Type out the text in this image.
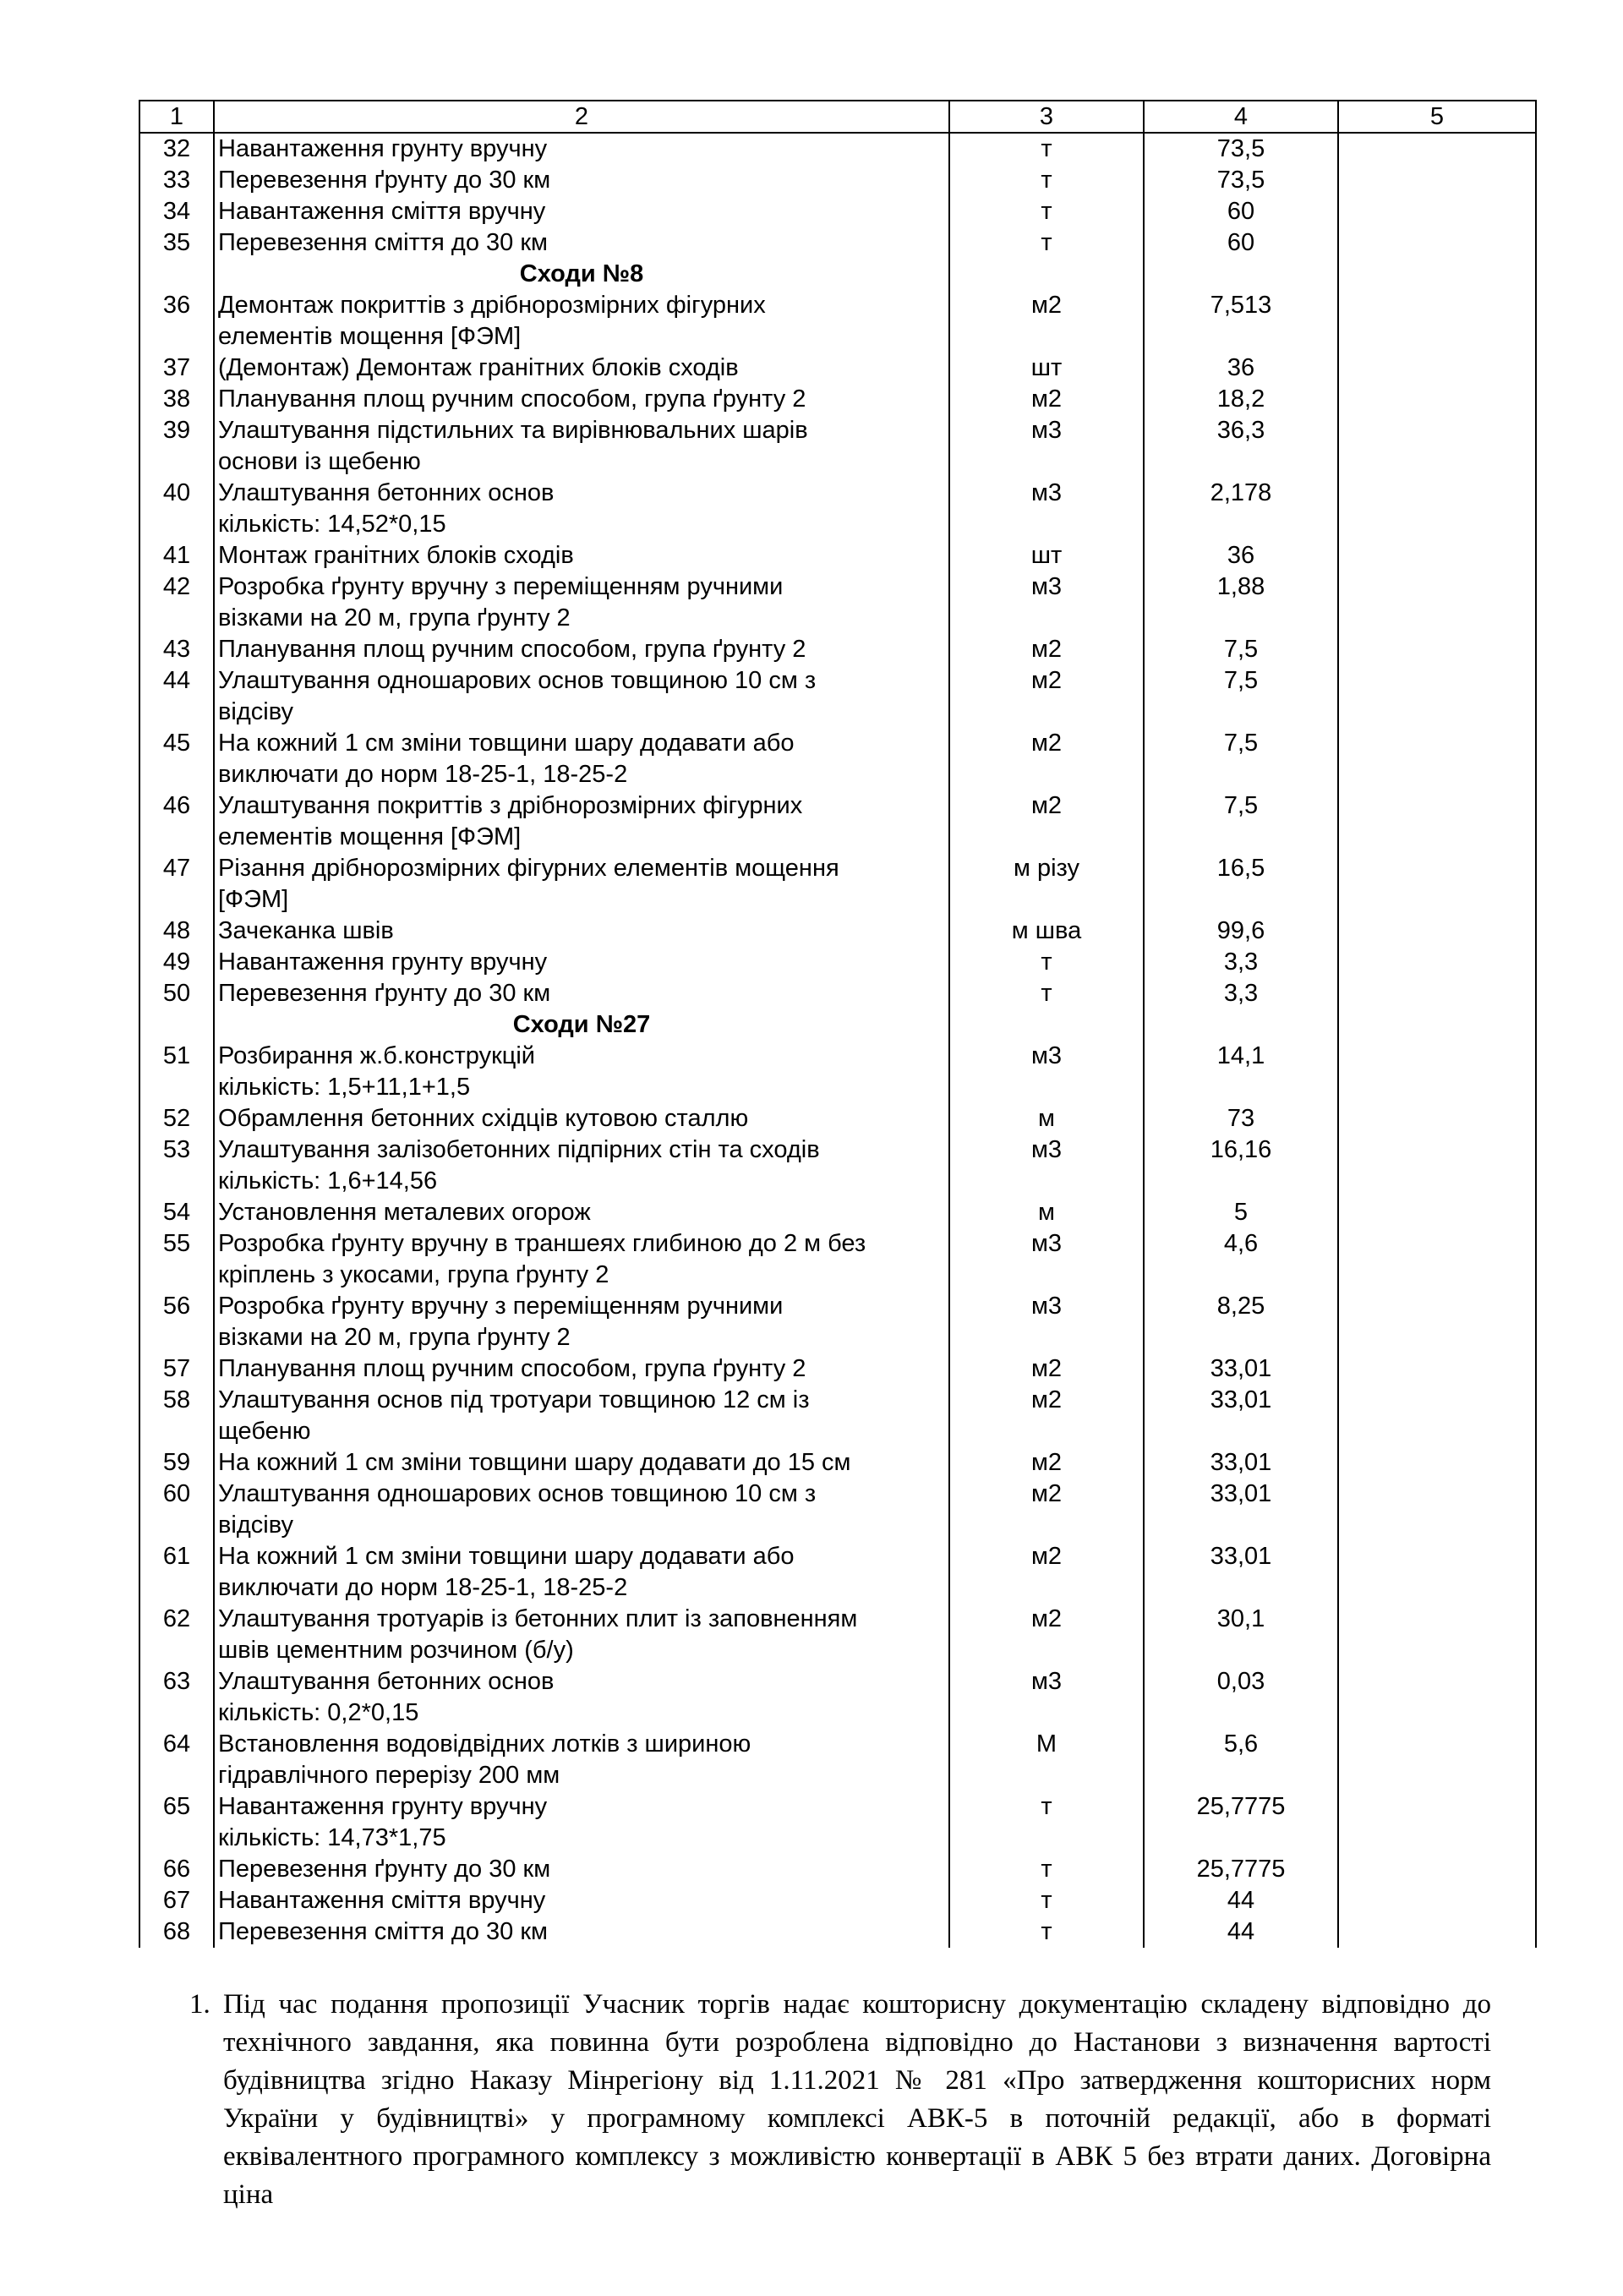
1	2	3	4	5
32	Навантаження грунту вручну	т	73,5	
33	Перевезення ґрунту до 30 км	т	73,5	
34	Навантаження сміття вручну	т	60	
35	Перевезення сміття до 30 км	т	60	
	Сходи №8			
36	Демонтаж покриттів з дрібнорозмірних фігурних
елементів мощення [ФЭМ]	м2	7,513	
37	(Демонтаж) Демонтаж гранітних блоків сходів	шт	36	
38	Планування площ ручним способом, група ґрунту 2	м2	18,2	
39	Улаштування підстильних та вирівнювальних шарів
основи із щебеню	м3	36,3	
40	Улаштування бетонних основ
кількість: 14,52*0,15	м3	2,178	
41	Монтаж гранітних блоків сходів	шт	36	
42	Розробка ґрунту вручну з переміщенням ручними
візками на 20 м, група ґрунту 2	м3	1,88	
43	Планування площ ручним способом, група ґрунту 2	м2	7,5	
44	Улаштування одношарових основ товщиною 10 см з
відсіву	м2	7,5	
45	На кожний 1 см зміни товщини шару додавати або
виключати до норм 18-25-1, 18-25-2	м2	7,5	
46	Улаштування покриттів з дрібнорозмірних фігурних
елементів мощення [ФЭМ]	м2	7,5	
47	Різання дрібнорозмірних фігурних елементів мощення
[ФЭМ]	м різу	16,5	
48	Зачеканка швів	м шва	99,6	
49	Навантаження грунту вручну	т	3,3	
50	Перевезення ґрунту до 30 км	т	3,3	
	Сходи №27			
51	Розбирання ж.б.конструкцій
кількість: 1,5+11,1+1,5	м3	14,1	
52	Обрамлення бетонних східців кутовою сталлю	м	73	
53	Улаштування залізобетонних підпірних стін та сходів
кількість: 1,6+14,56	м3	16,16	
54	Установлення металевих огорож	м	5	
55	Розробка ґрунту вручну в траншеях глибиною до 2 м без
кріплень з укосами, група ґрунту 2	м3	4,6	
56	Розробка ґрунту вручну з переміщенням ручними
візками на 20 м, група ґрунту 2	м3	8,25	
57	Планування площ ручним способом, група ґрунту 2	м2	33,01	
58	Улаштування основ під тротуари товщиною 12 см із
щебеню	м2	33,01	
59	На кожний 1 см зміни товщини шару додавати до 15 см	м2	33,01	
60	Улаштування одношарових основ товщиною 10 см з
відсіву	м2	33,01	
61	На кожний 1 см зміни товщини шару додавати або
виключати до норм 18-25-1, 18-25-2	м2	33,01	
62	Улаштування тротуарів із бетонних плит із заповненням
швів цементним розчином (б/у)	м2	30,1	
63	Улаштування бетонних основ
кількість: 0,2*0,15	м3	0,03	
64	Встановлення водовідвідних лотків з шириною
гідравлічного перерізу 200 мм	М	5,6	
65	Навантаження грунту вручну
кількість: 14,73*1,75	т	25,7775	
66	Перевезення ґрунту до 30 км	т	25,7775	
67	Навантаження сміття вручну	т	44	
68	Перевезення сміття до 30 км	т	44	
1. Під час подання пропозиції Учасник торгів надає кошторисну документацію складену відповідно до технічного завдання, яка повинна бути розроблена відповідно до Настанови з визначення вартості будівництва згідно Наказу Мінрегіону від 1.11.2021 № 281 «Про затвердження кошторисних норм України у будівництві» у програмному комплексі АВК-5 в поточній редакції, або в форматі еквівалентного програмного комплексу з можливістю конвертації в АВК 5 без втрати даних. Договірна ціна
